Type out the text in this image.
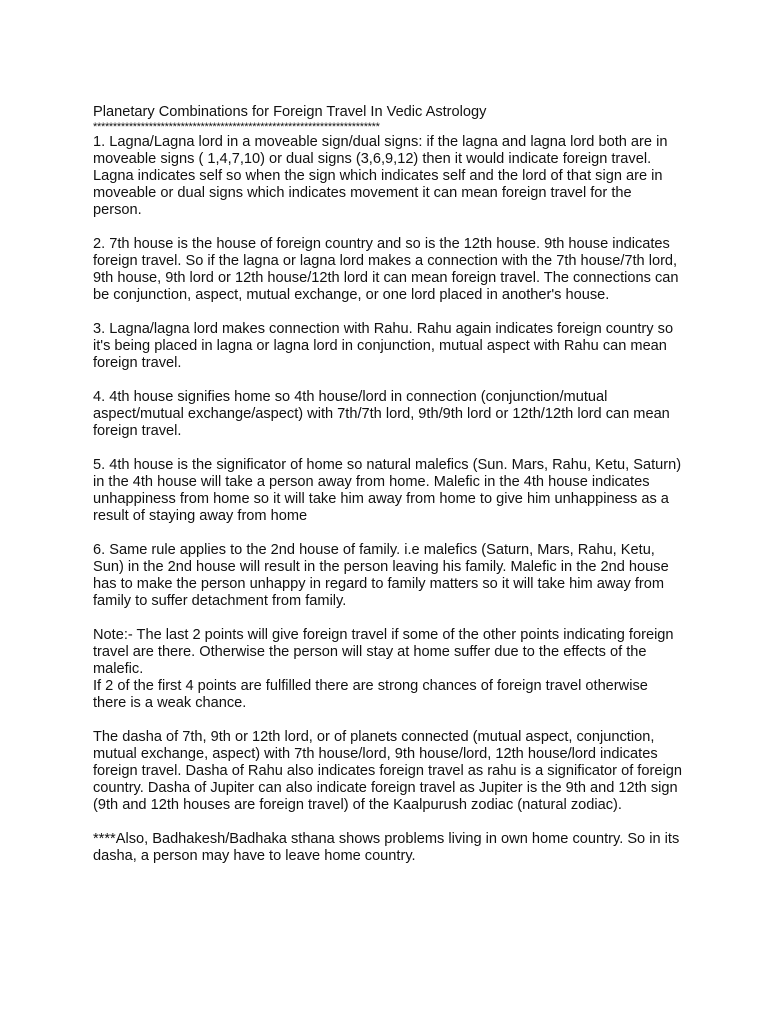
Planetary Combinations for Foreign Travel In Vedic Astrology

************************************************************************

1. Lagna/Lagna lord in a moveable sign/dual signs: if the lagna and lagna lord both are in moveable signs ( 1,4,7,10) or dual signs (3,6,9,12) then it would indicate foreign travel. Lagna indicates self so when the sign which indicates self and the lord of that sign are in moveable or dual signs which indicates movement it can mean foreign travel for the person.

2. 7th house is the house of foreign country and so is the 12th house. 9th house indicates foreign travel. So if the lagna or lagna lord makes a connection with the 7th house/7th lord, 9th house, 9th lord or 12th house/12th lord it can mean foreign travel. The connections can be conjunction, aspect, mutual exchange, or one lord placed in another's house.

3. Lagna/lagna lord makes connection with Rahu. Rahu again indicates foreign country so it's being placed in lagna or lagna lord in conjunction, mutual aspect with Rahu can mean foreign travel.

4. 4th house signifies home so 4th house/lord in connection (conjunction/mutual aspect/mutual exchange/aspect) with 7th/7th lord, 9th/9th lord or 12th/12th lord can mean foreign travel.

5. 4th house is the significator of home so natural malefics (Sun. Mars, Rahu, Ketu, Saturn) in the 4th house will take a person away from home. Malefic in the 4th house indicates unhappiness from home so it will take him away from home to give him unhappiness as a result of staying away from home

6. Same rule applies to the 2nd house of family. i.e malefics (Saturn, Mars, Rahu, Ketu, Sun) in the 2nd house will result in the person leaving his family. Malefic in the 2nd house has to make the person unhappy in regard to family matters so it will take him away from family to suffer detachment from family.

Note:- The last 2 points will give foreign travel if some of the other points indicating foreign travel are there. Otherwise the person will stay at home suffer due to the effects of the malefic.

If 2 of the first 4 points are fulfilled there are strong chances of foreign travel otherwise there is a weak chance.

The dasha of 7th, 9th or 12th lord, or of planets connected (mutual aspect, conjunction, mutual exchange, aspect) with 7th house/lord, 9th house/lord, 12th house/lord indicates foreign travel. Dasha of Rahu also indicates foreign travel as rahu is a significator of foreign country. Dasha of Jupiter can also indicate foreign travel as Jupiter is the 9th and 12th sign (9th and 12th houses are foreign travel) of the Kaalpurush zodiac (natural zodiac).

****Also, Badhakesh/Badhaka sthana shows problems living in own home country. So in its dasha, a person may have to leave home country.
